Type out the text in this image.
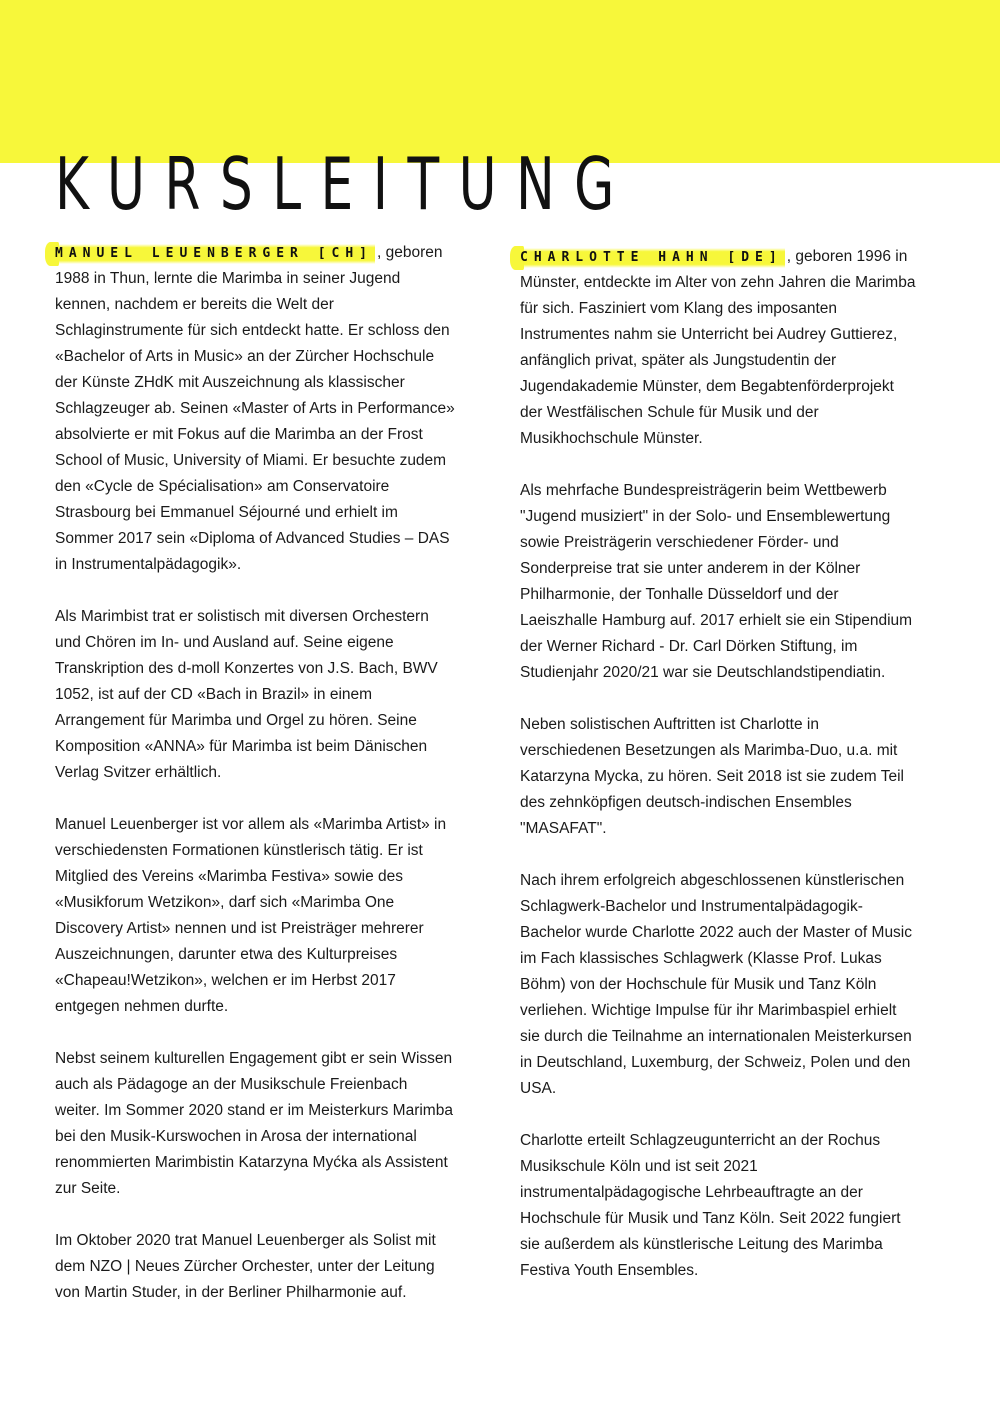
KURSLEITUNG

MANUEL LEUENBERGER [CH] , geboren 1988 in Thun, lernte die Marimba in seiner Jugend kennen, nachdem er bereits die Welt der Schlaginstrumente für sich entdeckt hatte. Er schloss den «Bachelor of Arts in Music» an der Zürcher Hochschule der Künste ZHdK mit Auszeichnung als klassischer Schlagzeuger ab. Seinen «Master of Arts in Performance» absolvierte er mit Fokus auf die Marimba an der Frost School of Music, University of Miami. Er besuchte zudem den «Cycle de Spécialisation» am Conservatoire Strasbourg bei Emmanuel Séjourné und erhielt im Sommer 2017 sein «Diploma of Advanced Studies – DAS in Instrumentalpädagogik».

Als Marimbist trat er solistisch mit diversen Orchestern und Chören im In- und Ausland auf. Seine eigene Transkription des d-moll Konzertes von J.S. Bach, BWV 1052, ist auf der CD «Bach in Brazil» in einem Arrangement für Marimba und Orgel zu hören. Seine Komposition «ANNA» für Marimba ist beim Dänischen Verlag Svitzer erhältlich.

Manuel Leuenberger ist vor allem als «Marimba Artist» in verschiedensten Formationen künstlerisch tätig. Er ist Mitglied des Vereins «Marimba Festiva» sowie des «Musikforum Wetzikon», darf sich «Marimba One Discovery Artist» nennen und ist Preisträger mehrerer Auszeichnungen, darunter etwa des Kulturpreises «Chapeau!Wetzikon», welchen er im Herbst 2017 entgegen nehmen durfte.

Nebst seinem kulturellen Engagement gibt er sein Wissen auch als Pädagoge an der Musikschule Freienbach weiter. Im Sommer 2020 stand er im Meisterkurs Marimba bei den Musik-Kurswochen in Arosa der international renommierten Marimbistin Katarzyna Myćka als Assistent zur Seite.

Im Oktober 2020 trat Manuel Leuenberger als Solist mit dem NZO | Neues Zürcher Orchester, unter der Leitung von Martin Studer, in der Berliner Philharmonie auf.

CHARLOTTE HAHN [DE] , geboren 1996 in Münster, entdeckte im Alter von zehn Jahren die Marimba für sich. Fasziniert vom Klang des imposanten Instrumentes nahm sie Unterricht bei Audrey Guttierez, anfänglich privat, später als Jungstudentin der Jugendakademie Münster, dem Begabtenförderprojekt der Westfälischen Schule für Musik und der Musikhochschule Münster.

Als mehrfache Bundespreisträgerin beim Wettbewerb "Jugend musiziert" in der Solo- und Ensemblewertung sowie Preisträgerin verschiedener Förder- und Sonderpreise trat sie unter anderem in der Kölner Philharmonie, der Tonhalle Düsseldorf und der Laeiszhalle Hamburg auf. 2017 erhielt sie ein Stipendium der Werner Richard - Dr. Carl Dörken Stiftung, im Studienjahr 2020/21 war sie Deutschlandstipendiatin.

Neben solistischen Auftritten ist Charlotte in verschiedenen Besetzungen als Marimba-Duo, u.a. mit Katarzyna Mycka, zu hören. Seit 2018 ist sie zudem Teil des zehnköpfigen deutsch-indischen Ensembles "MASAFAT".

Nach ihrem erfolgreich abgeschlossenen künstlerischen Schlagwerk-Bachelor und Instrumentalpädagogik-Bachelor wurde Charlotte 2022 auch der Master of Music im Fach klassisches Schlagwerk (Klasse Prof. Lukas Böhm) von der Hochschule für Musik und Tanz Köln verliehen. Wichtige Impulse für ihr Marimbaspiel erhielt sie durch die Teilnahme an internationalen Meisterkursen in Deutschland, Luxemburg, der Schweiz, Polen und den USA.

Charlotte erteilt Schlagzeugunterricht an der Rochus Musikschule Köln und ist seit 2021 instrumentalpädagogische Lehrbeauftragte an der Hochschule für Musik und Tanz Köln. Seit 2022 fungiert sie außerdem als künstlerische Leitung des Marimba Festiva Youth Ensembles.
